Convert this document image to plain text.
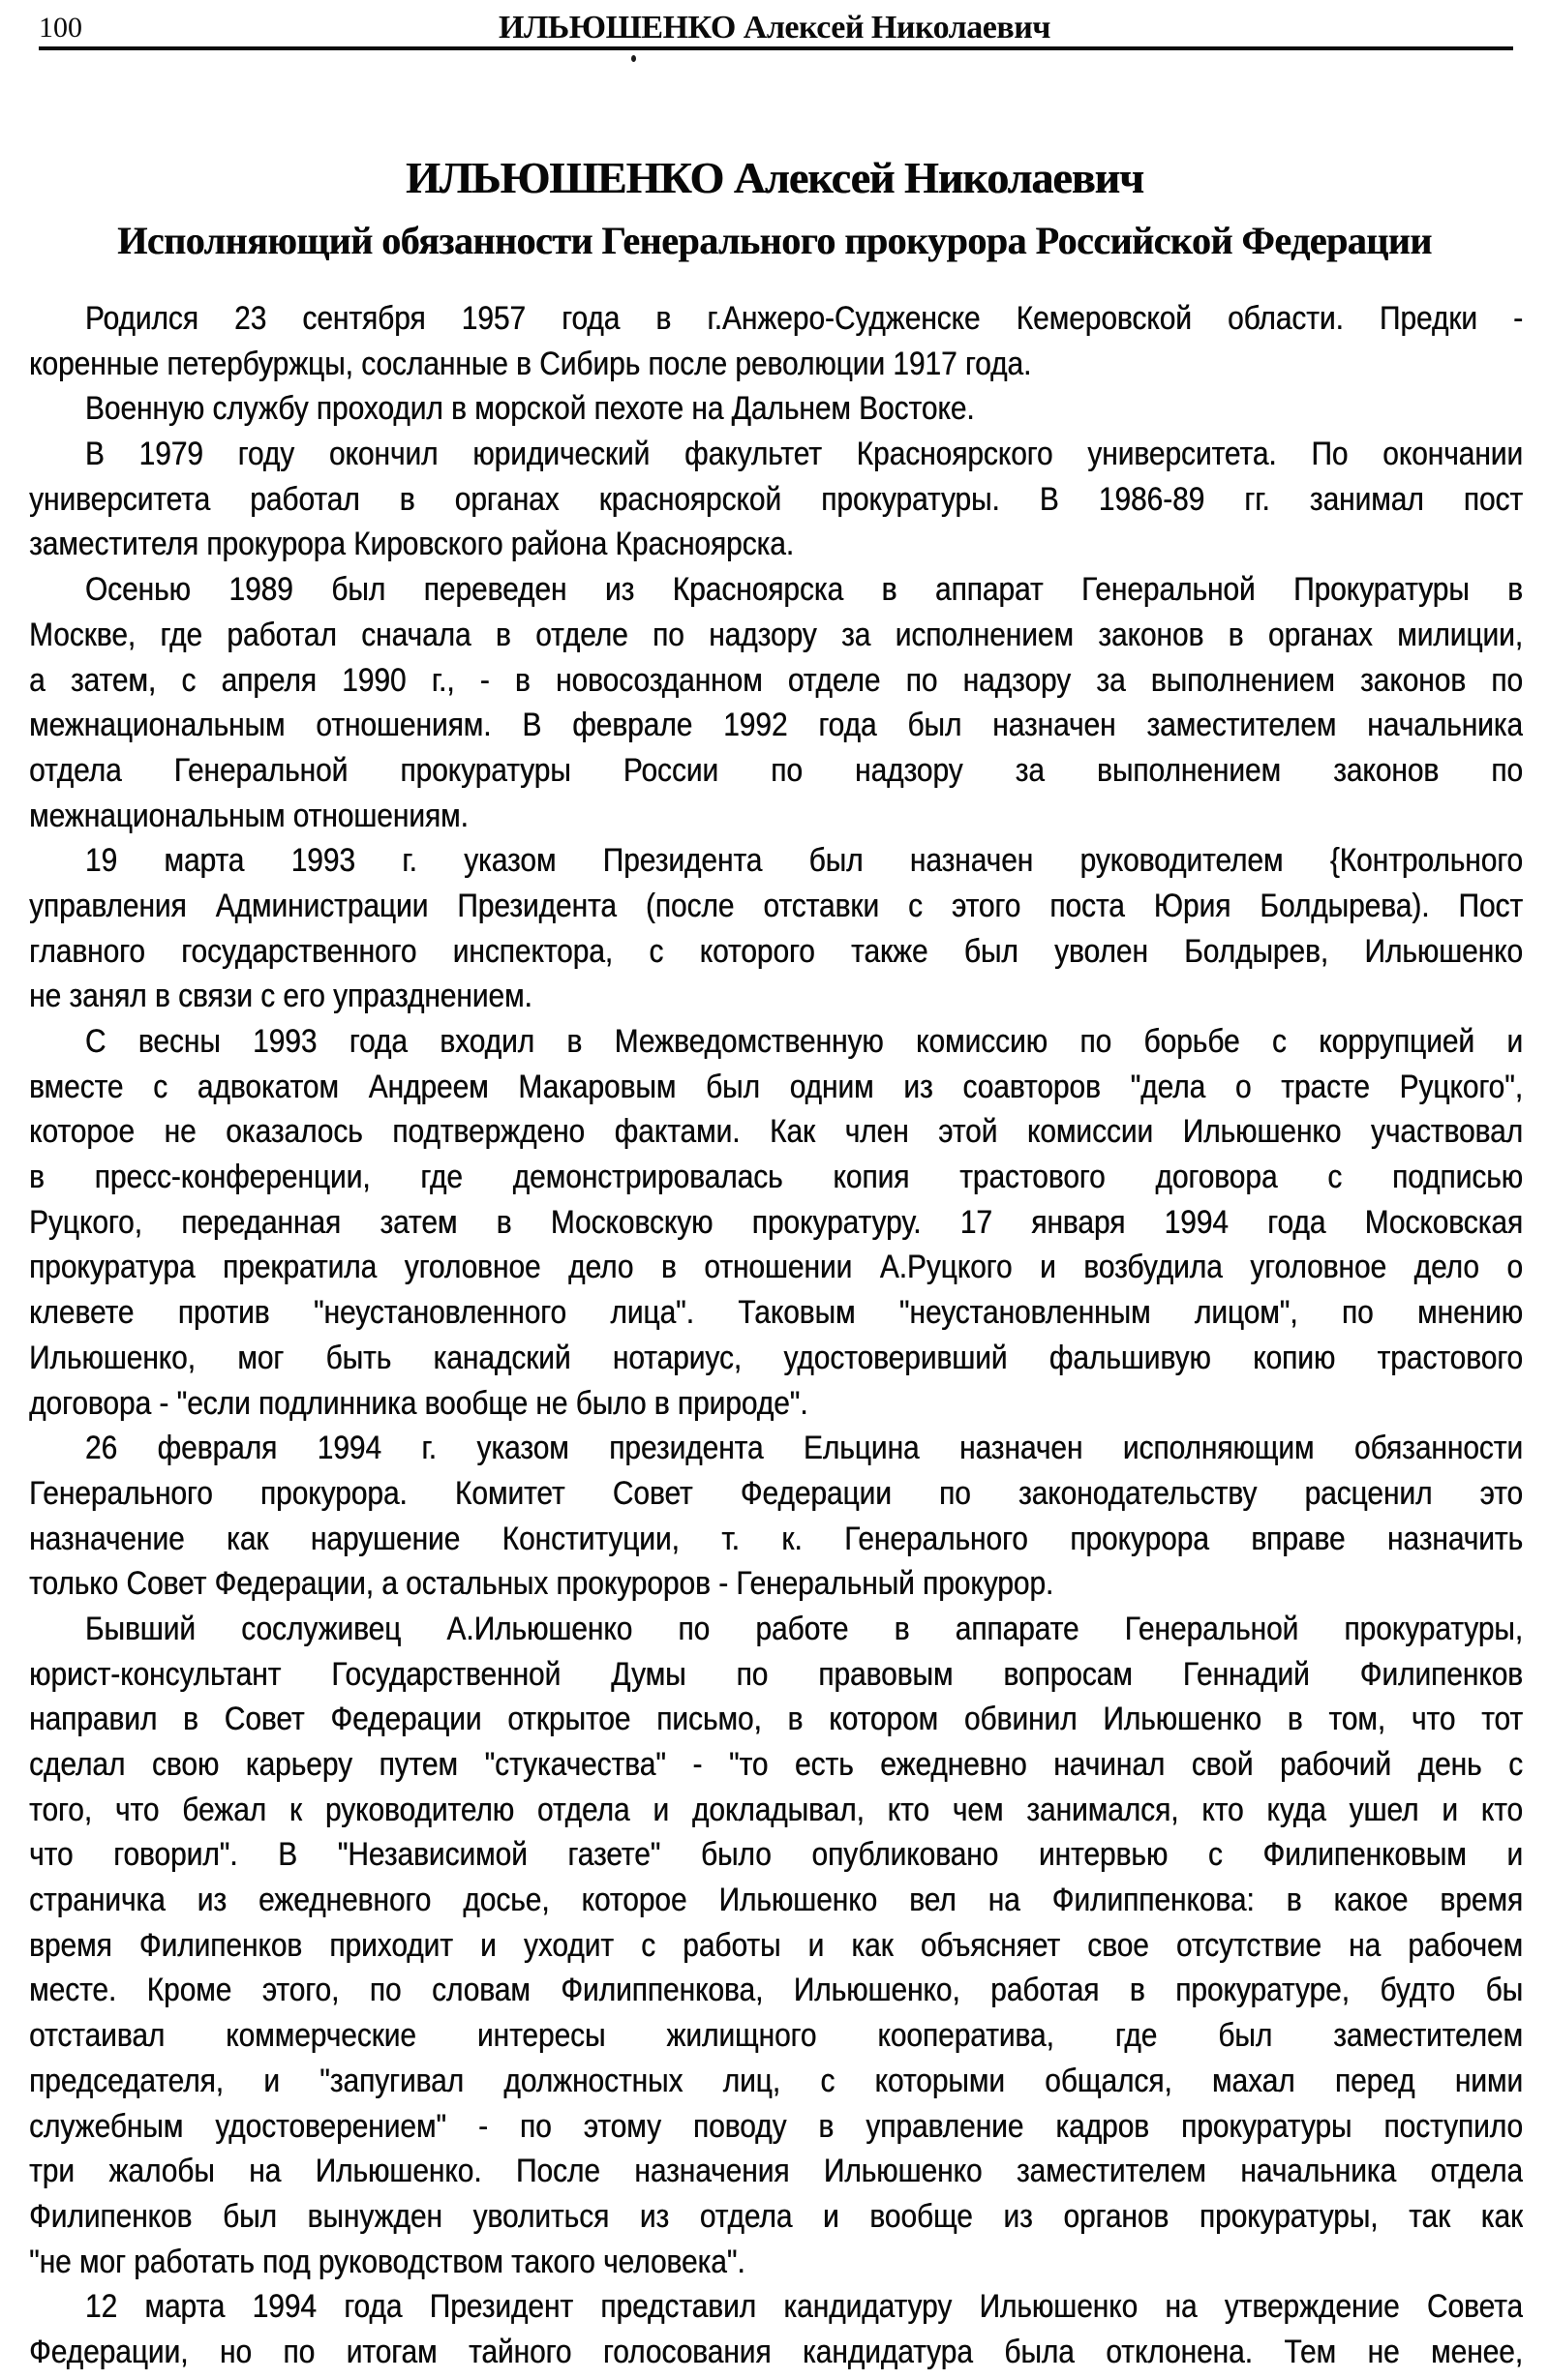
100	ИЛЬЮШЕНКО Алексей Николаевич
ИЛЬЮШЕНКО Алексей Николаевич
Исполняющий обязанности Генерального прокурора Российской Федерации
Родился 23 сентября 1957 года в г.Анжеро-Судженске Кемеровской области. Предки -
коренные петербуржцы, сосланные в Сибирь после революции 1917 года.
Военную службу проходил в морской пехоте на Дальнем Востоке.
В 1979 году окончил юридический факультет Красноярского университета. По окончании
университета работал в органах красноярской прокуратуры. В 1986-89 гг. занимал пост
заместителя прокурора Кировского района Красноярска.
Осенью 1989 был переведен из Красноярска в аппарат Генеральной Прокуратуры в
Москве, где работал сначала в отделе по надзору за исполнением законов в органах милиции,
а затем, с апреля 1990 г., - в новосозданном отделе по надзору за выполнением законов по
межнациональным отношениям. В феврале 1992 года был назначен заместителем начальника
отдела Генеральной прокуратуры России по надзору за выполнением законов по
межнациональным отношениям.
19 марта 1993 г. указом Президента был назначен руководителем {Контрольного
управления Администрации Президента (после отставки с этого поста Юрия Болдырева). Пост
главного государственного инспектора, с которого также был уволен Болдырев, Ильюшенко
не занял в связи с его упразднением.
С весны 1993 года входил в Межведомственную комиссию по борьбе с коррупцией и
вместе с адвокатом Андреем Макаровым был одним из соавторов "дела о трасте Руцкого",
которое не оказалось подтверждено фактами. Как член этой комиссии Ильюшенко участвовал
в пресс-конференции, где демонстрировалась копия трастового договора с подписью
Руцкого, переданная затем в Московскую прокуратуру. 17 января 1994 года Московская
прокуратура прекратила уголовное дело в отношении А.Руцкого и возбудила уголовное дело о
клевете против "неустановленного лица". Таковым "неустановленным лицом", по мнению
Ильюшенко, мог быть канадский нотариус, удостоверивший фальшивую копию трастового
договора - "если подлинника вообще не было в природе".
26 февраля 1994 г. указом президента Ельцина назначен исполняющим обязанности
Генерального прокурора. Комитет Совет Федерации по законодательству расценил это
назначение как нарушение Конституции, т. к. Генерального прокурора вправе назначить
только Совет Федерации, а остальных прокуроров - Генеральный прокурор.
Бывший сослуживец А.Ильюшенко по работе в аппарате Генеральной прокуратуры,
юрист-консультант Государственной Думы по правовым вопросам Геннадий Филипенков
направил в Совет Федерации открытое письмо, в котором обвинил Ильюшенко в том, что тот
сделал свою карьеру путем "стукачества" - "то есть ежедневно начинал свой рабочий день с
того, что бежал к руководителю отдела и докладывал, кто чем занимался, кто куда ушел и кто
что говорил". В "Независимой газете" было опубликовано интервью с Филипенковым и
страничка из ежедневного досье, которое Ильюшенко вел на Филиппенкова: в какое время
время Филипенков приходит и уходит с работы и как объясняет свое отсутствие на рабочем
месте. Кроме этого, по словам Филиппенкова, Ильюшенко, работая в прокуратуре, будто бы
отстаивал коммерческие интересы жилищного кооператива, где был заместителем
председателя, и "запугивал должностных лиц, с которыми общался, махал перед ними
служебным удостоверением" - по этому поводу в управление кадров прокуратуры поступило
три жалобы на Ильюшенко. После назначения Ильюшенко заместителем начальника отдела
Филипенков был вынужден уволиться из отдела и вообще из органов прокуратуры, так как
"не мог работать под руководством такого человека".
12 марта 1994 года Президент представил кандидатуру Ильюшенко на утверждение Совета
Федерации, но по итогам тайного голосования кандидатура была отклонена. Тем не менее,
